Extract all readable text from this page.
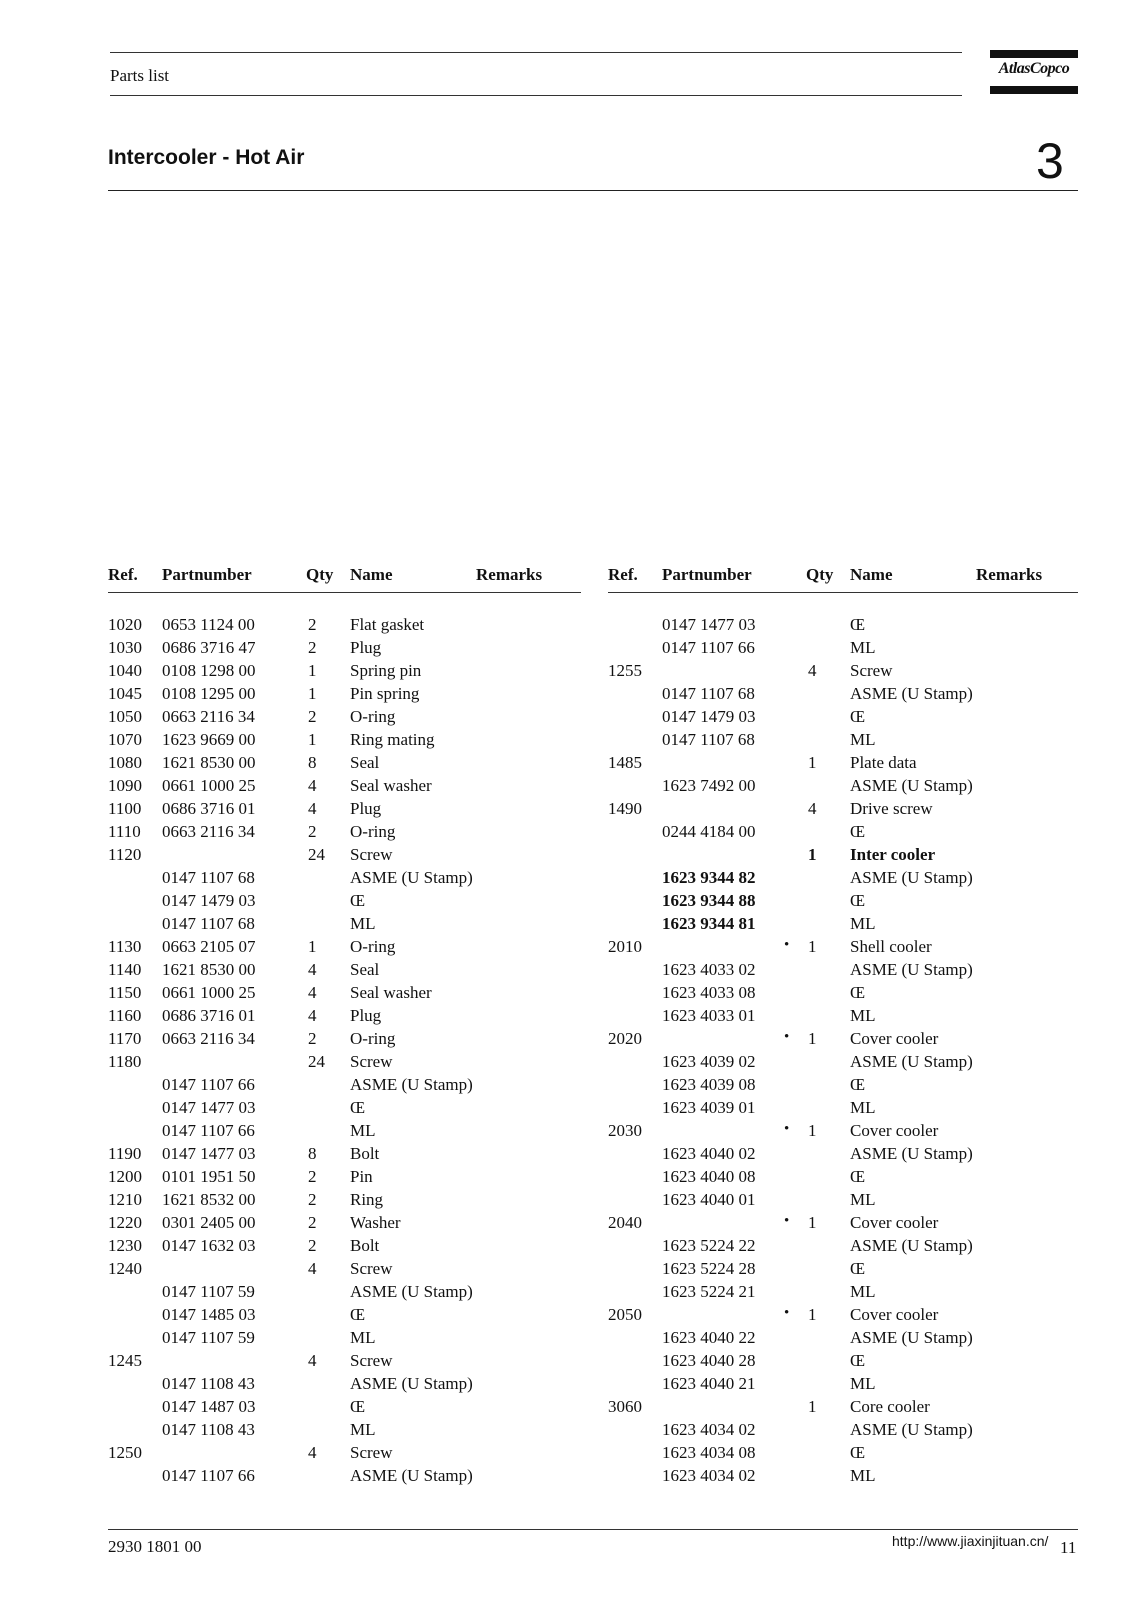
Parts list	AtlasCopco
Intercooler - Hot Air	3
Ref. Partnumber	Qty Name	Remarks
1020 0653 1124 00	2 Flat gasket
1030 0686 3716 47	2 Plug
1040 0108 1298 00	1 Spring pin
1045 0108 1295 00	1 Pin spring
1050 0663 2116 34	2 O-ring
1070 1623 9669 00	1 Ring mating
1080 1621 8530 00	8 Seal
1090 0661 1000 25	4 Seal washer
1100 0686 3716 01	4 Plug
1110 0663 2116 34	2 O-ring
1120	24 Screw
0147 1107 68	ASME (U Stamp)
0147 1479 03	Œ
0147 1107 68	ML
1130 0663 2105 07	1 O-ring
1140 1621 8530 00	4 Seal
1150 0661 1000 25	4 Seal washer
1160 0686 3716 01	4 Plug
1170 0663 2116 34	2 O-ring
1180	24 Screw
0147 1107 66	ASME (U Stamp)
0147 1477 03	Œ
0147 1107 66	ML
1190 0147 1477 03	8 Bolt
1200 0101 1951 50	2 Pin
1210 1621 8532 00	2 Ring
1220 0301 2405 00	2 Washer
1230 0147 1632 03	2 Bolt
1240	4 Screw
0147 1107 59	ASME (U Stamp)
0147 1485 03	Œ
0147 1107 59	ML
1245	4 Screw
0147 1108 43	ASME (U Stamp)
0147 1487 03	Œ
0147 1108 43	ML
1250	4 Screw
0147 1107 66	ASME (U Stamp)
Ref. Partnumber	Qty Name	Remarks
0147 1477 03	Œ
0147 1107 66	ML
1255	4 Screw
0147 1107 68	ASME (U Stamp)
0147 1479 03	Œ
0147 1107 68	ML
1485	1 Plate data
1623 7492 00	ASME (U Stamp)
1490	4 Drive screw
0244 4184 00	Œ
1 Inter cooler
1623 9344 82	ASME (U Stamp)
1623 9344 88	Œ
1623 9344 81	ML
2010	• 1 Shell cooler
1623 4033 02	ASME (U Stamp)
1623 4033 08	Œ
1623 4033 01	ML
2020	• 1 Cover cooler
1623 4039 02	ASME (U Stamp)
1623 4039 08	Œ
1623 4039 01	ML
2030	• 1 Cover cooler
1623 4040 02	ASME (U Stamp)
1623 4040 08	Œ
1623 4040 01	ML
2040	• 1 Cover cooler
1623 5224 22	ASME (U Stamp)
1623 5224 28	Œ
1623 5224 21	ML
2050	• 1 Cover cooler
1623 4040 22	ASME (U Stamp)
1623 4040 28	Œ
1623 4040 21	ML
3060	1 Core cooler
1623 4034 02	ASME (U Stamp)
1623 4034 08	Œ
1623 4034 02	ML
2930 1801 00	http://www.jiaxinjituan.cn/ 11
